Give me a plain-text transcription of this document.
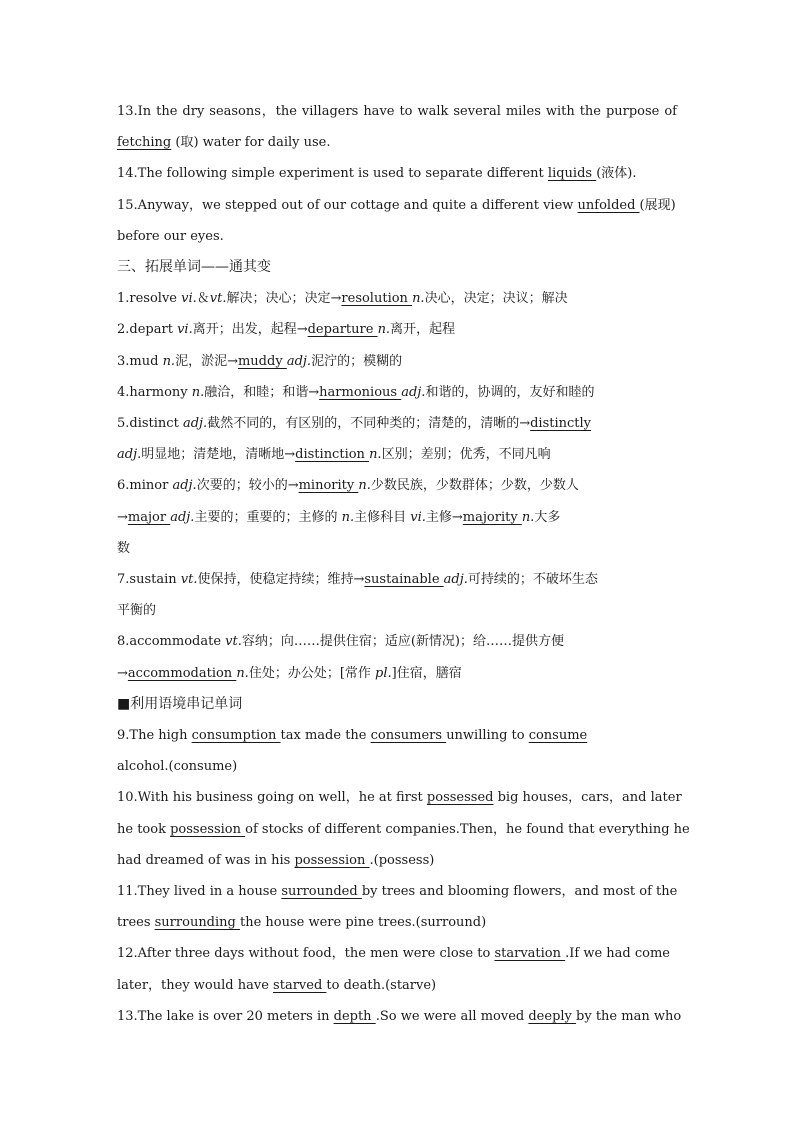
13.In the dry seasons，the villagers have to walk several miles with the purpose of
fetching (取) water for daily use.
14.The following simple experiment is used to separate different liquids (液体).
15.Anyway，we stepped out of our cottage and quite a different view unfolded (展现)
before our eyes.
三、拓展单词——通其变
1.resolve vi.＆vt.解决；决心；决定→resolution n.决心，决定；决议；解决
2.depart vi.离开；出发，起程→departure n.离开，起程
3.mud n.泥，淤泥→muddy adj.泥泞的；模糊的
4.harmony n.融洽，和睦；和谐→harmonious adj.和谐的，协调的，友好和睦的
5.distinct adj.截然不同的，有区别的，不同种类的；清楚的，清晰的→distinctly
adj.明显地；清楚地，清晰地→distinction n.区别；差别；优秀，不同凡响
6.minor adj.次要的；较小的→minority n.少数民族，少数群体；少数，少数人
→major adj.主要的；重要的；主修的 n.主修科目 vi.主修→majority n.大多
数
7.sustain vt.使保持，使稳定持续；维持→sustainable adj.可持续的；不破坏生态
平衡的
8.accommodate vt.容纳；向……提供住宿；适应(新情况)；给……提供方便
→accommodation n.住处；办公处；[常作 pl.]住宿，膳宿
■利用语境串记单词
9.The high consumption tax made the consumers unwilling to consume
alcohol.(consume)
10.With his business going on well，he at first possessed big houses，cars，and later
he took possession of stocks of different companies.Then，he found that everything he
had dreamed of was in his possession .(possess)
11.They lived in a house surrounded by trees and blooming flowers，and most of the
trees surrounding the house were pine trees.(surround)
12.After three days without food，the men were close to starvation .If we had come
later，they would have starved to death.(starve)
13.The lake is over 20 meters in depth .So we were all moved deeply by the man who
